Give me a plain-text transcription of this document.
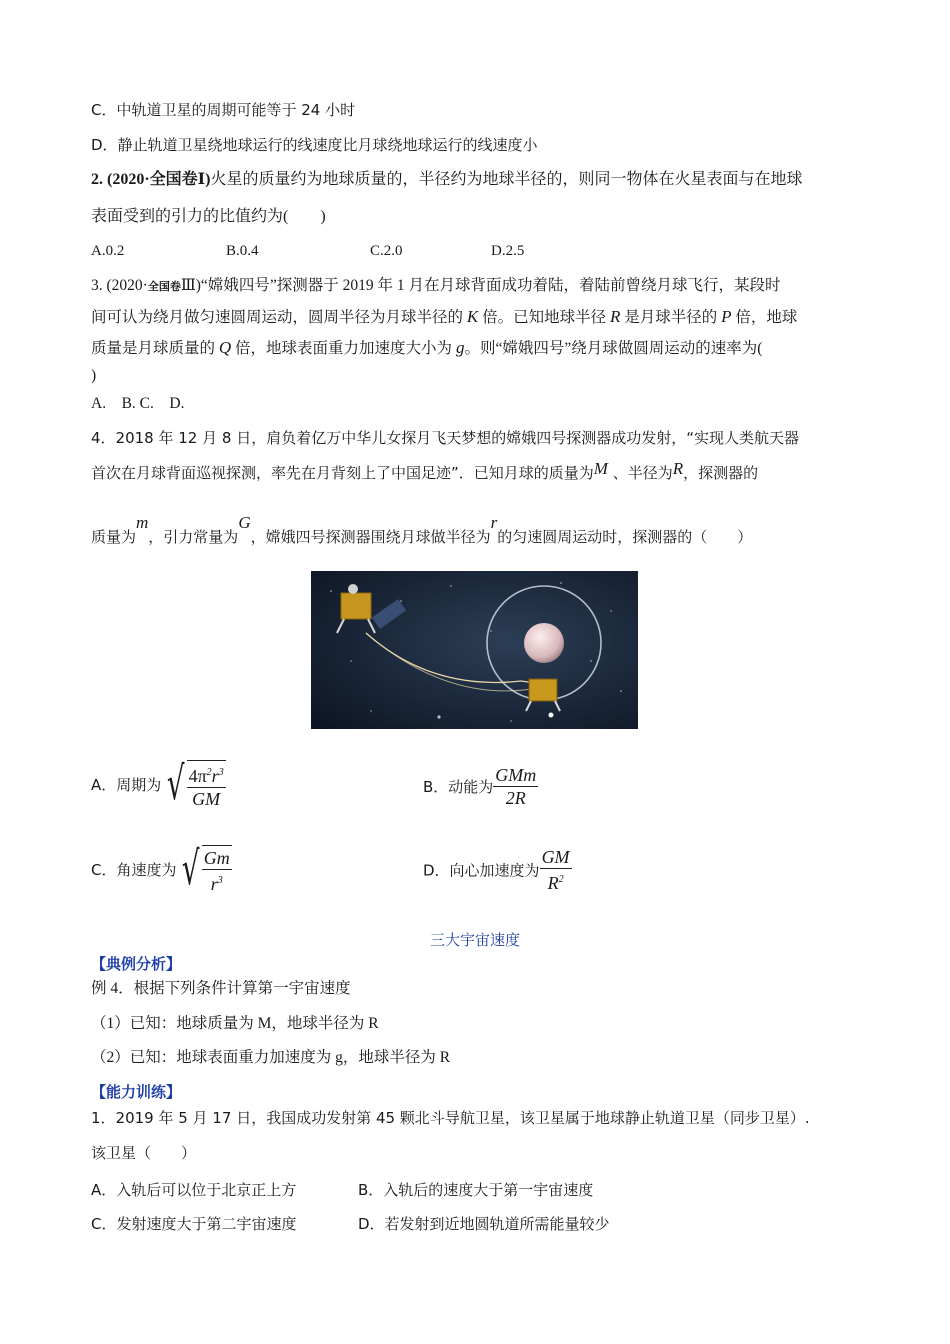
C．中轨道卫星的周期可能等于 24 小时
D．静止轨道卫星绕地球运行的线速度比月球绕地球运行的线速度小
2. (2020·全国卷Ⅰ)火星的质量约为地球质量的，半径约为地球半径的，则同一物体在火星表面与在地球
表面受到的引力的比值约为(　　)
A.0.2	B.0.4	C.2.0	D.2.5
3. (2020·全国卷Ⅲ)“嫦娥四号”探测器于 2019 年 1 月在月球背面成功着陆，着陆前曾绕月球飞行，某段时
间可认为绕月做匀速圆周运动，圆周半径为月球半径的 K 倍。已知地球半径 R 是月球半径的 P 倍，地球
质量是月球质量的 Q 倍，地球表面重力加速度大小为 g。则“嫦娥四号”绕月球做圆周运动的速率为(
)
A.　B. C.　D.
4．2018 年 12 月 8 日，肩负着亿万中华儿女探月飞天梦想的嫦娥四号探测器成功发射，“实现人类航天器
首次在月球背面巡视探测，率先在月背刻上了中国足迹”．已知月球的质量为M 、半径为R，探测器的
质量为m，引力常量为G，嫦娥四号探测器围绕月球做半径为r的匀速圆周运动时，探测器的（　　）
A．周期为 √ $\frac{4\pi^2r^3}{GM}$	B．动能为 $\frac{\text{GMm}}{2R}$
C．角速度为 √ $\frac{Gm}{r^3}$	D．向心加速度为 $\frac{GM}{R^2}$
三大宇宙速度
【典例分析】
例 4．根据下列条件计算第一宇宙速度
（1）已知：地球质量为 M，地球半径为 R
（2）已知：地球表面重力加速度为 g，地球半径为 R
【能力训练】
1．2019 年 5 月 17 日，我国成功发射第 45 颗北斗导航卫星，该卫星属于地球静止轨道卫星（同步卫星）.
该卫星（　　）
A．入轨后可以位于北京正上方	B．入轨后的速度大于第一宇宙速度
C．发射速度大于第二宇宙速度	D．若发射到近地圆轨道所需能量较少
